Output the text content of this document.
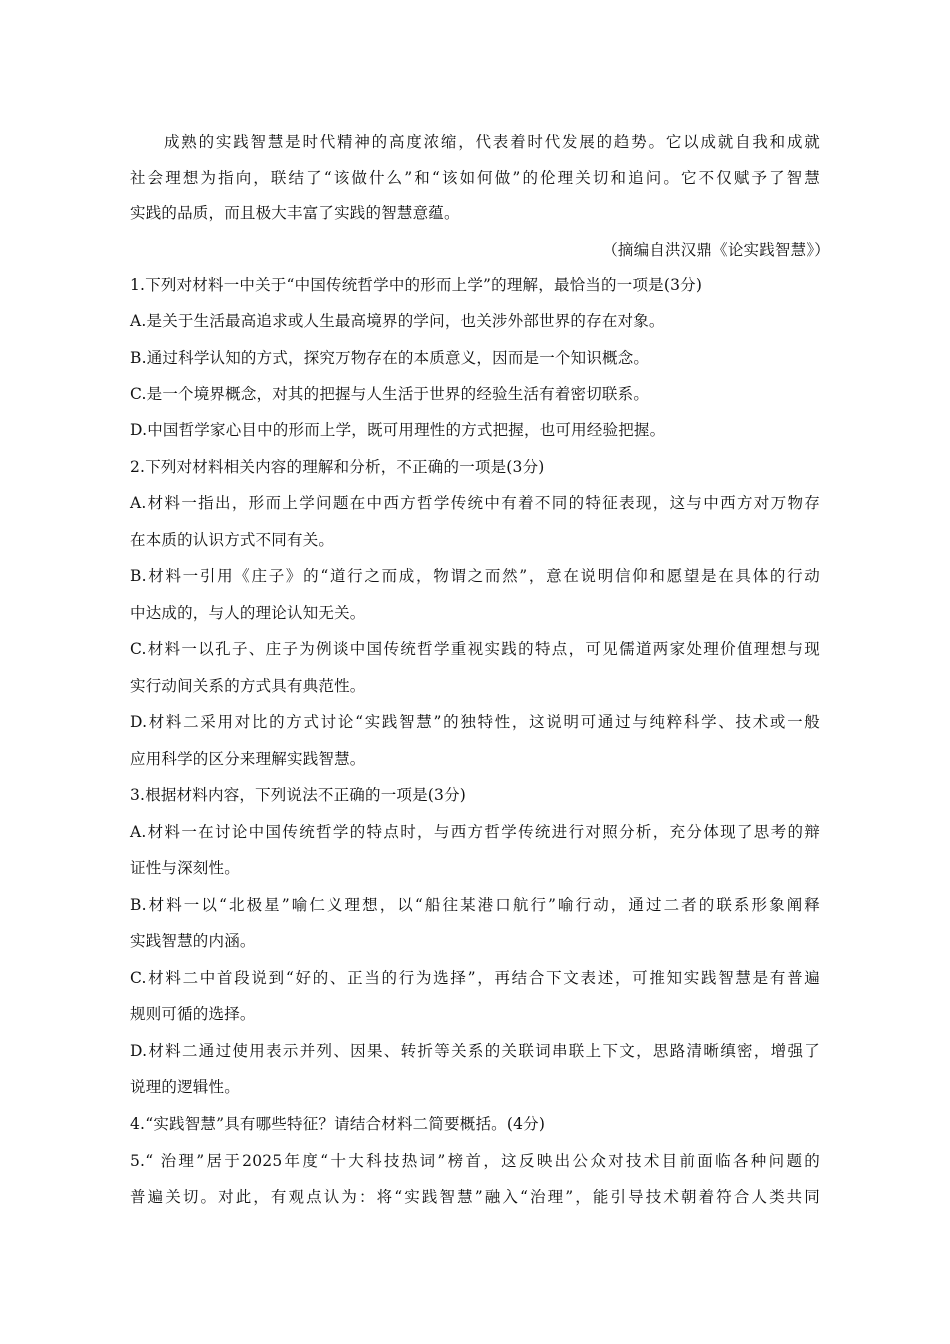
成熟的实践智慧是时代精神的高度浓缩，代表着时代发展的趋势。它以成就自我和成就
社会理想为指向，联结了“该做什么”和“该如何做”的伦理关切和追问。它不仅赋予了智慧
实践的品质，而且极大丰富了实践的智慧意蕴。
（摘编自洪汉鼎《论实践智慧》）
1.下列对材料一中关于“中国传统哲学中的形而上学”的理解，最恰当的一项是(3分)
A.是关于生活最高追求或人生最高境界的学问，也关涉外部世界的存在对象。
B.通过科学认知的方式，探究万物存在的本质意义，因而是一个知识概念。
C.是一个境界概念，对其的把握与人生活于世界的经验生活有着密切联系。
D.中国哲学家心目中的形而上学，既可用理性的方式把握，也可用经验把握。
2.下列对材料相关内容的理解和分析，不正确的一项是(3分)
A.材料一指出，形而上学问题在中西方哲学传统中有着不同的特征表现，这与中西方对万物存
在本质的认识方式不同有关。
B.材料一引用《庄子》的“道行之而成，物谓之而然”，意在说明信仰和愿望是在具体的行动
中达成的，与人的理论认知无关。
C.材料一以孔子、庄子为例谈中国传统哲学重视实践的特点，可见儒道两家处理价值理想与现
实行动间关系的方式具有典范性。
D.材料二采用对比的方式讨论“实践智慧”的独特性，这说明可通过与纯粹科学、技术或一般
应用科学的区分来理解实践智慧。
3.根据材料内容，下列说法不正确的一项是(3分)
A.材料一在讨论中国传统哲学的特点时，与西方哲学传统进行对照分析，充分体现了思考的辩
证性与深刻性。
B.材料一以“北极星”喻仁义理想，以“船往某港口航行”喻行动，通过二者的联系形象阐释
实践智慧的内涵。
C.材料二中首段说到“好的、正当的行为选择”，再结合下文表述，可推知实践智慧是有普遍
规则可循的选择。
D.材料二通过使用表示并列、因果、转折等关系的关联词串联上下文，思路清晰缜密，增强了
说理的逻辑性。
4.“实践智慧”具有哪些特征？请结合材料二简要概括。(4分)
5.“ 治理”居于2025年度“十大科技热词”榜首，这反映出公众对技术目前面临各种问题的
普遍关切。对此，有观点认为：将“实践智慧”融入“治理”，能引导技术朝着符合人类共同
